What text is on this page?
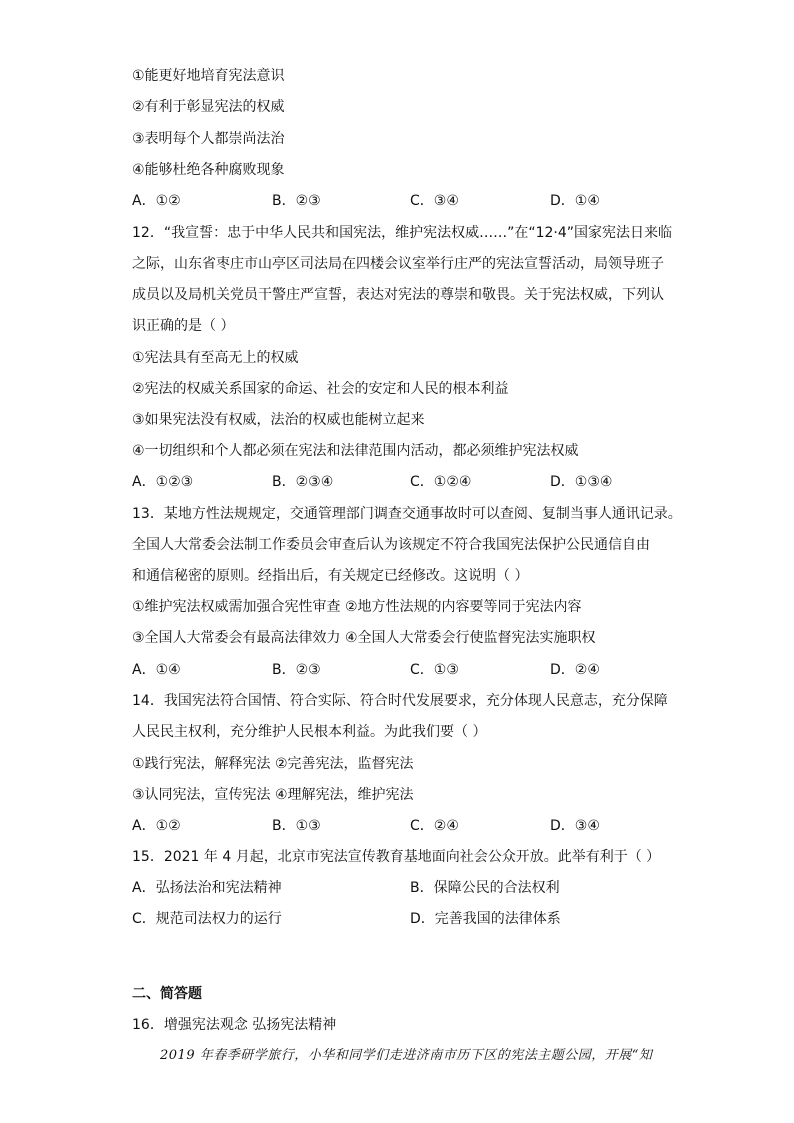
①能更好地培育宪法意识
②有利于彰显宪法的权威
③表明每个人都崇尚法治
④能够杜绝各种腐败现象
A．①②	B．②③	C．③④	D．①④
12．“我宣誓：忠于中华人民共和国宪法，维护宪法权威……”在“12·4”国家宪法日来临
之际，山东省枣庄市山亭区司法局在四楼会议室举行庄严的宪法宣誓活动，局领导班子
成员以及局机关党员干警庄严宣誓，表达对宪法的尊崇和敬畏。关于宪法权威，下列认
识正确的是（ ）
①宪法具有至高无上的权威
②宪法的权威关系国家的命运、社会的安定和人民的根本利益
③如果宪法没有权威，法治的权威也能树立起来
④一切组织和个人都必须在宪法和法律范围内活动，都必须维护宪法权威
A．①②③	B．②③④	C．①②④	D．①③④
13．某地方性法规规定，交通管理部门调查交通事故时可以查阅、复制当事人通讯记录。
全国人大常委会法制工作委员会审查后认为该规定不符合我国宪法保护公民通信自由
和通信秘密的原则。经指出后，有关规定已经修改。这说明（ ）
①维护宪法权威需加强合宪性审查 ②地方性法规的内容要等同于宪法内容
③全国人大常委会有最高法律效力 ④全国人大常委会行使监督宪法实施职权
A．①④	B．②③	C．①③	D．②④
14．我国宪法符合国情、符合实际、符合时代发展要求，充分体现人民意志，充分保障
人民民主权利，充分维护人民根本利益。为此我们要（ ）
①践行宪法，解释宪法 ②完善宪法，监督宪法
③认同宪法，宣传宪法 ④理解宪法，维护宪法
A．①②	B．①③	C．②④	D．③④
15．2021 年 4 月起，北京市宪法宣传教育基地面向社会公众开放。此举有利于（ ）
A．弘扬法治和宪法精神	B．保障公民的合法权利
C．规范司法权力的运行	D．完善我国的法律体系
二、简答题
16．增强宪法观念 弘扬宪法精神
2019 年春季研学旅行，小华和同学们走进济南市历下区的宪法主题公园，开展“知
